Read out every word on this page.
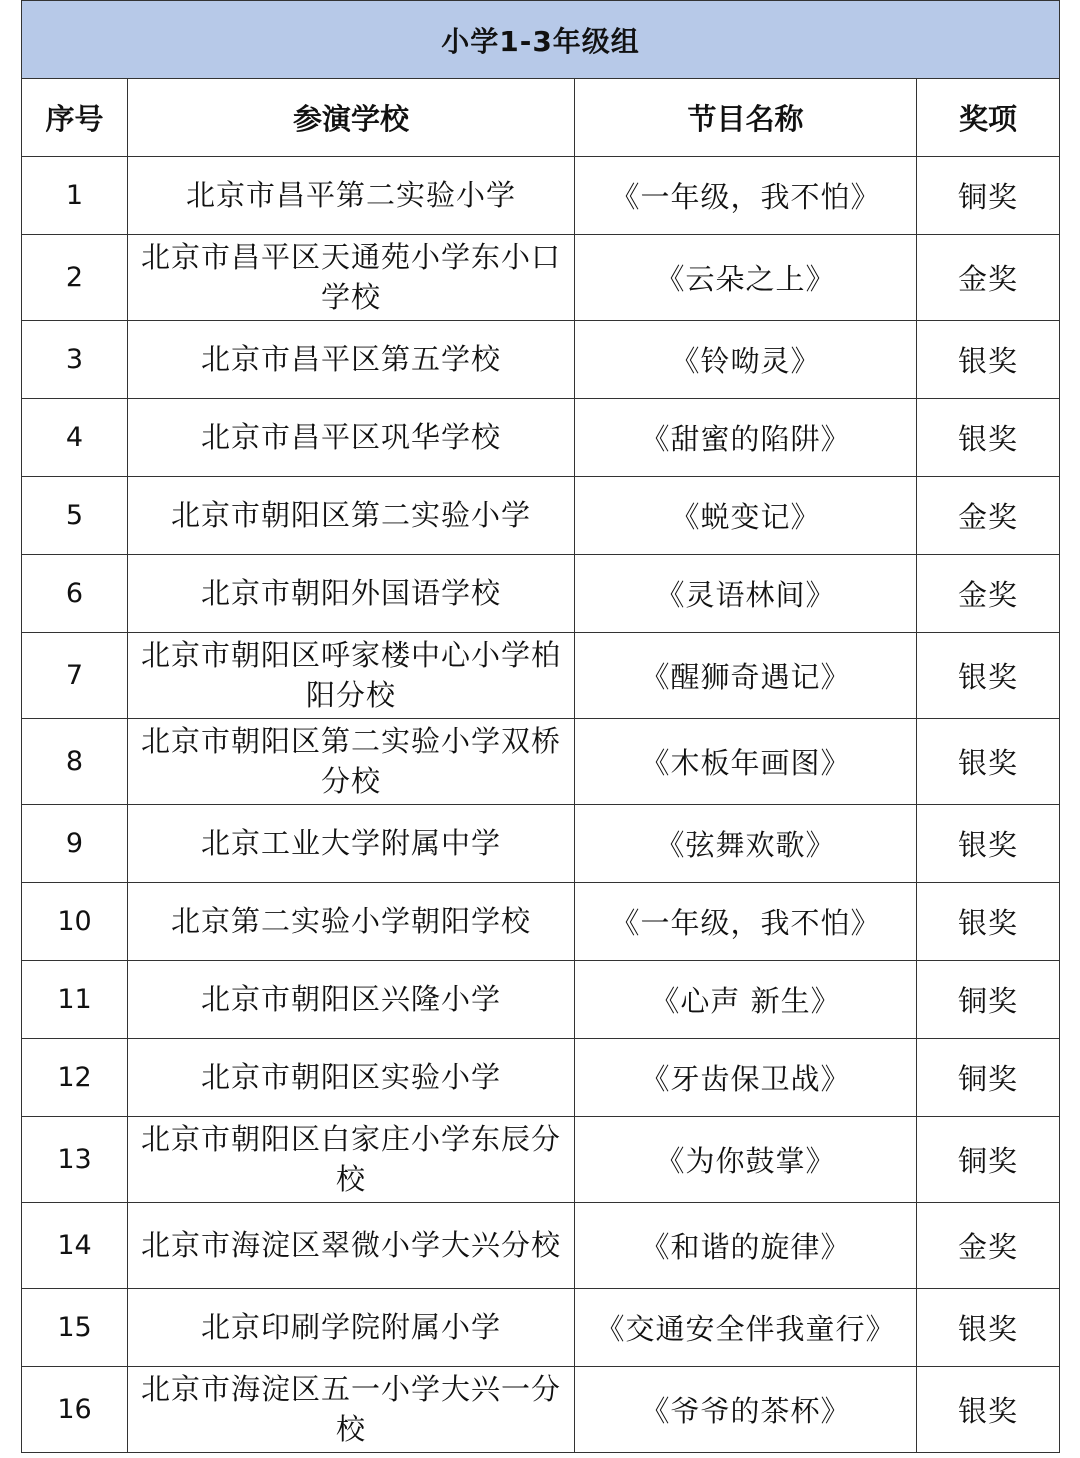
小学1-3年级组			
序号	参演学校	节目名称	奖项
1	北京市昌平第二实验小学	《一年级，我不怕》	铜奖
2	北京市昌平区天通苑小学东小口学校	《云朵之上》	金奖
3	北京市昌平区第五学校	《铃呦灵》	银奖
4	北京市昌平区巩华学校	《甜蜜的陷阱》	银奖
5	北京市朝阳区第二实验小学	《蜕变记》	金奖
6	北京市朝阳外国语学校	《灵语林间》	金奖
7	北京市朝阳区呼家楼中心小学柏阳分校	《醒狮奇遇记》	银奖
8	北京市朝阳区第二实验小学双桥分校	《木板年画图》	银奖
9	北京工业大学附属中学	《弦舞欢歌》	银奖
10	北京第二实验小学朝阳学校	《一年级，我不怕》	银奖
11	北京市朝阳区兴隆小学	《心声 新生》	铜奖
12	北京市朝阳区实验小学	《牙齿保卫战》	铜奖
13	北京市朝阳区白家庄小学东辰分校	《为你鼓掌》	铜奖
14	北京市海淀区翠微小学大兴分校	《和谐的旋律》	金奖
15	北京印刷学院附属小学	《交通安全伴我童行》	银奖
16	北京市海淀区五一小学大兴一分校	《爷爷的茶杯》	银奖
